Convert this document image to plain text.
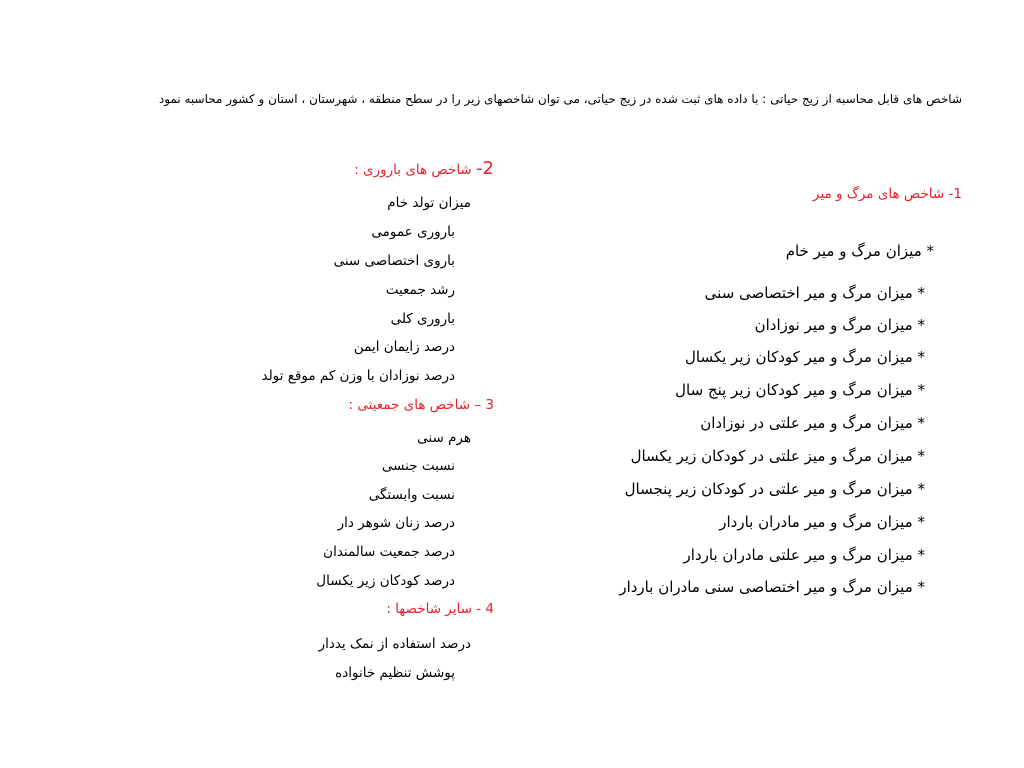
شاخص های قابل محاسبه از زیج حیاتی : با داده های ثبت شده در زیج حیاتی، می توان شاخصهای زیر را در سطح منطقه ، شهرستان ، استان و کشور محاسبه نمود
1- شاخص های مرگ و میر
* میزان مرگ و میر خام
* میزان مرگ و میر اختصاصی سنی
* میزان مرگ و میر نوزادان
* میزان مرگ و میر کودکان زیر یکسال
* میزان مرگ و میر کودکان زیر پنج سال
* میزان مرگ و میر علتی در نوزادان
* میزان مرگ و میز علتی در کودکان زیر یکسال
* میزان مرگ و میر علتی در کودکان زیر پنجسال
* میزان مرگ و میر مادران باردار
* میزان مرگ و میر علتی مادران باردار
* میزان مرگ و میر اختصاصی سنی مادران باردار
2- شاخص های باروری :
میزان تولد خام
باروری عمومی
باروی اختصاصی سنی
رشد جمعیت
باروری کلی
درصد زایمان ایمن
درصد نوزادان با وزن کم موقع تولد
3 – شاخص های جمعیتی :
هرم سنی
نسبت جنسی
نسبت وابستگی
درصد زنان شوهر دار
درصد جمعیت سالمندان
درصد کودکان زیر یکسال
4 - سایر شاخصها :
درصد استفاده از نمک یددار
پوشش تنظیم خانواده
